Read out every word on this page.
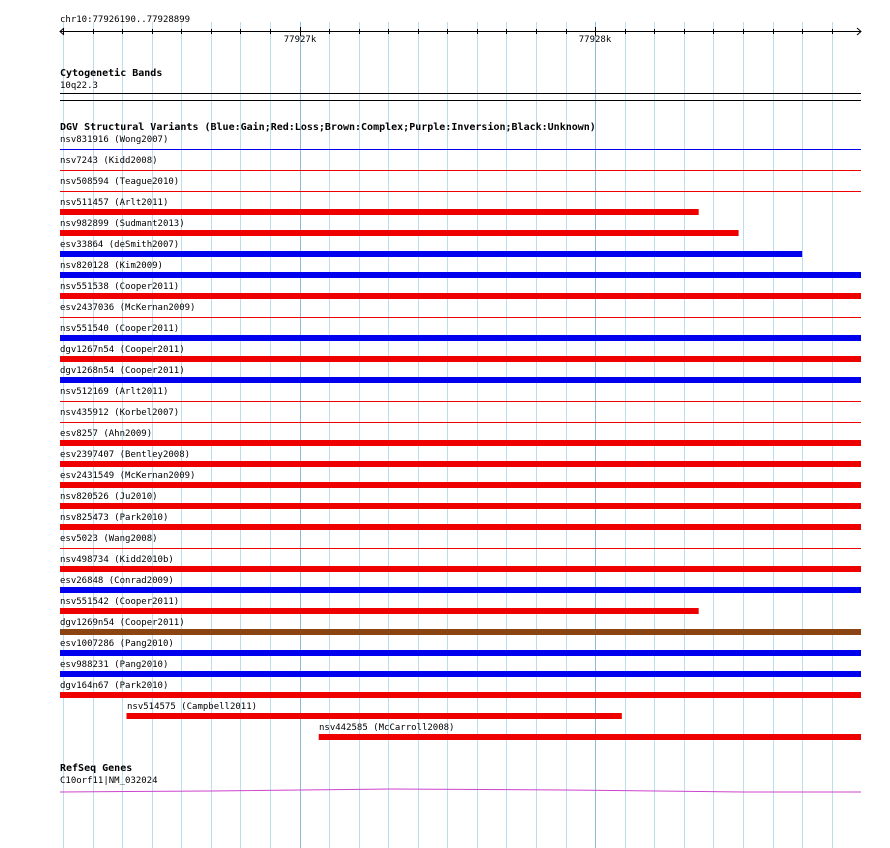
chr10:77926190..77928899
77927k	77928k
Cytogenetic Bands
10q22.3
DGV Structural Variants (Blue:Gain;Red:Loss;Brown:Complex;Purple:Inversion;Black:Unknown)
nsv831916 (Wong2007)
nsv7243 (Kidd2008)
nsv508594 (Teague2010)
nsv511457 (Arlt2011)
nsv982899 (Sudmant2013)
esv33864 (deSmith2007)
nsv820128 (Kim2009)
nsv551538 (Cooper2011)
esv2437036 (McKernan2009)
nsv551540 (Cooper2011)
dgv1267n54 (Cooper2011)
dgv1268n54 (Cooper2011)
nsv512169 (Arlt2011)
nsv435912 (Korbel2007)
esv8257 (Ahn2009)
esv2397407 (Bentley2008)
esv2431549 (McKernan2009)
nsv820526 (Ju2010)
nsv825473 (Park2010)
esv5023 (Wang2008)
nsv498734 (Kidd2010b)
esv26848 (Conrad2009)
nsv551542 (Cooper2011)
dgv1269n54 (Cooper2011)
esv1007286 (Pang2010)
esv988231 (Pang2010)
dgv164n67 (Park2010)
nsv514575 (Campbell2011)
nsv442585 (McCarroll2008)
RefSeq Genes
C10orf11|NM_032024
